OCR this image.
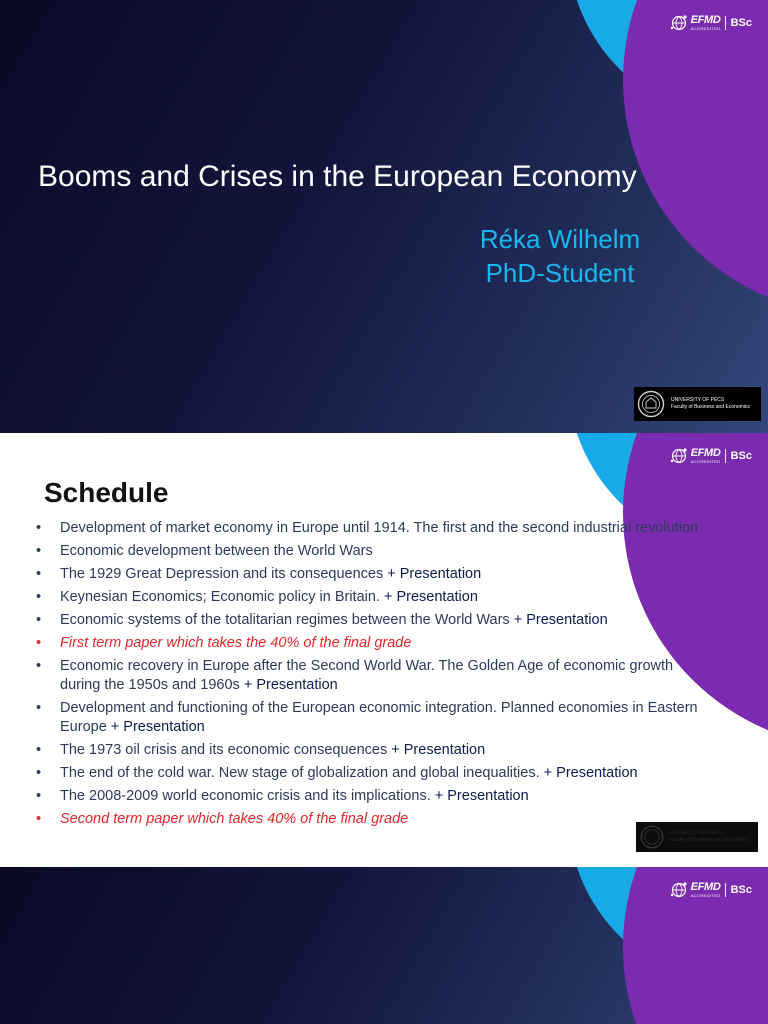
EFMD
ACCREDITED BSc
Booms and Crises in the European Economy
Réka Wilhelm
PhD-Student
UNIVERSITY OF PÉCS
Faculty of Business and Economics
EFMD
ACCREDITED BSc
Schedule
• Development of market economy in Europe until 1914. The first and the second industrial revolution
• Economic development between the World Wars
• The 1929 Great Depression and its consequences + Presentation
• Keynesian Economics; Economic policy in Britain. + Presentation
• Economic systems of the totalitarian regimes between the World Wars + Presentation
• First term paper which takes the 40% of the final grade
• Economic recovery in Europe after the Second World War. The Golden Age of economic growth during the 1950s and 1960s + Presentation
• Development and functioning of the European economic integration. Planned economies in Eastern Europe + Presentation
• The 1973 oil crisis and its economic consequences + Presentation
• The end of the cold war. New stage of globalization and global inequalities. + Presentation
• The 2008-2009 world economic crisis and its implications. + Presentation
• Second term paper which takes 40% of the final grade
UNIVERSITY OF PÉCS
Faculty of Business and Economics
EFMD
ACCREDITED BSc
